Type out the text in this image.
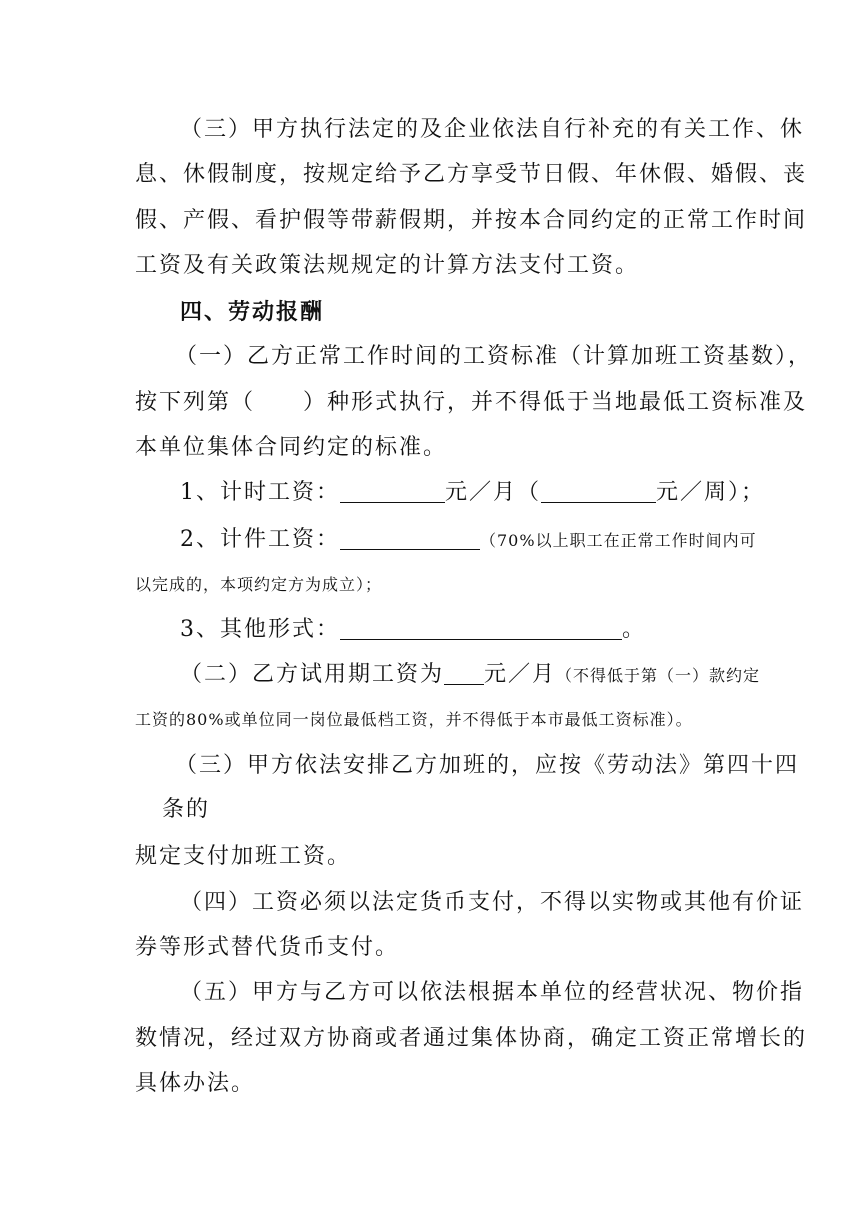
（三）甲方执行法定的及企业依法自行补充的有关工作、休
息、休假制度，按规定给予乙方享受节日假、年休假、婚假、丧
假、产假、看护假等带薪假期，并按本合同约定的正常工作时间
工资及有关政策法规规定的计算方法支付工资。
四、劳动报酬
（一）乙方正常工作时间的工资标准（计算加班工资基数），
按下列第（　　）种形式执行，并不得低于当地最低工资标准及
本单位集体合同约定的标准。
1、计时工资：	元／月（	元／周）；
2、计件工资：	（70%以上职工在正常工作时间内可
以完成的，本项约定方为成立）；
3、其他形式：	。
（二）乙方试用期工资为 元／月（不得低于第（一）款约定
工资的80%或单位同一岗位最低档工资，并不得低于本市最低工资标准）。
（三）甲方依法安排乙方加班的，应按《劳动法》第四十四
条的
规定支付加班工资。
（四）工资必须以法定货币支付，不得以实物或其他有价证
券等形式替代货币支付。
（五）甲方与乙方可以依法根据本单位的经营状况、物价指
数情况，经过双方协商或者通过集体协商，确定工资正常增长的
具体办法。
